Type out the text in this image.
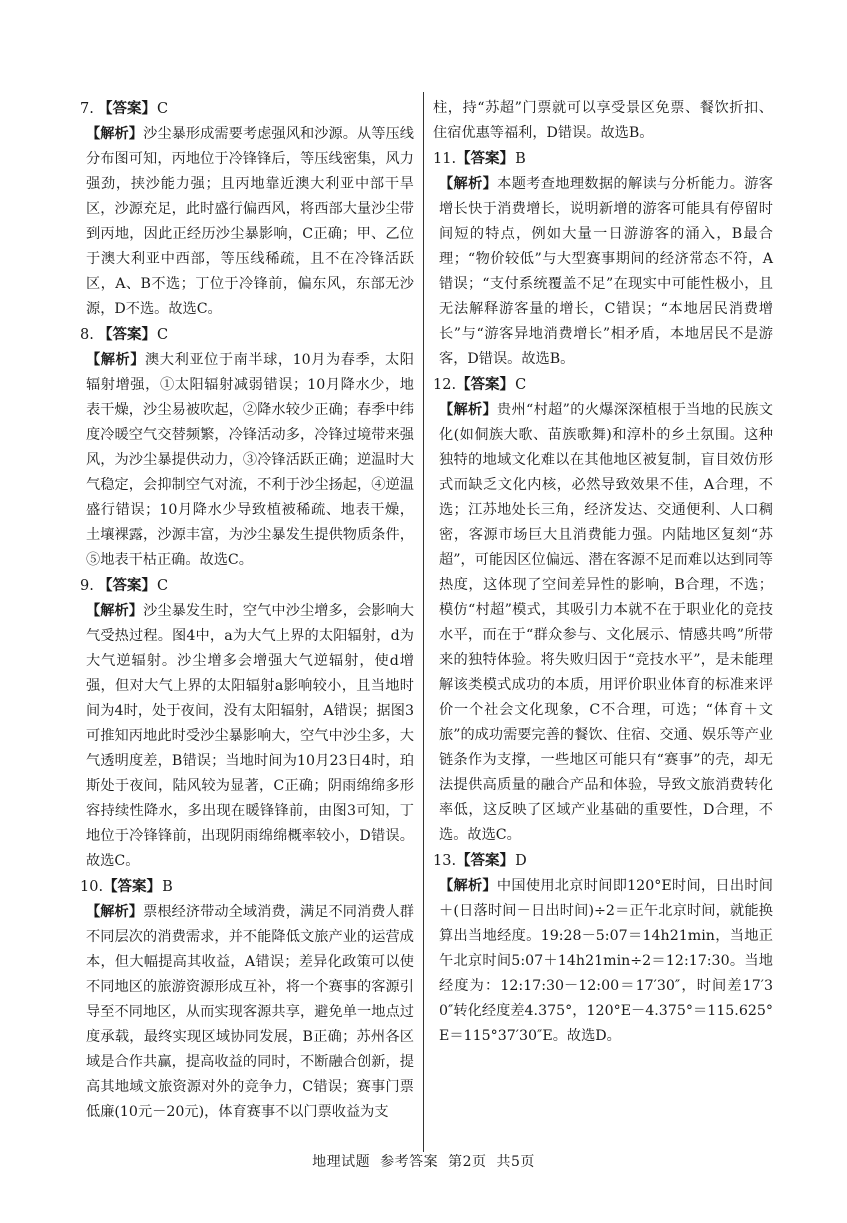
7. 【答案】C

【解析】沙尘暴形成需要考虑强风和沙源。从等压线分布图可知，丙地位于冷锋锋后，等压线密集，风力强劲，挟沙能力强；且丙地靠近澳大利亚中部干旱区，沙源充足，此时盛行偏西风，将西部大量沙尘带到丙地，因此正经历沙尘暴影响，C正确；甲、乙位于澳大利亚中西部，等压线稀疏，且不在冷锋活跃区，A、B不选；丁位于冷锋前，偏东风，东部无沙源，D不选。故选C。

8. 【答案】C

【解析】澳大利亚位于南半球，10月为春季，太阳辐射增强，①太阳辐射减弱错误；10月降水少，地表干燥，沙尘易被吹起，②降水较少正确；春季中纬度冷暖空气交替频繁，冷锋活动多，冷锋过境带来强风，为沙尘暴提供动力，③冷锋活跃正确；逆温时大气稳定，会抑制空气对流，不利于沙尘扬起，④逆温盛行错误；10月降水少导致植被稀疏、地表干燥，土壤裸露，沙源丰富，为沙尘暴发生提供物质条件，⑤地表干枯正确。故选C。

9. 【答案】C

【解析】沙尘暴发生时，空气中沙尘增多，会影响大气受热过程。图4中，a为大气上界的太阳辐射，d为大气逆辐射。沙尘增多会增强大气逆辐射，使d增强，但对大气上界的太阳辐射a影响较小，且当地时间为4时，处于夜间，没有太阳辐射，A错误；据图3可推知丙地此时受沙尘暴影响大，空气中沙尘多，大气透明度差，B错误；当地时间为10月23日4时，珀斯处于夜间，陆风较为显著，C正确；阴雨绵绵多形容持续性降水，多出现在暖锋锋前，由图3可知，丁地位于冷锋锋前，出现阴雨绵绵概率较小，D错误。故选C。

10.【答案】B

【解析】票根经济带动全域消费，满足不同消费人群不同层次的消费需求，并不能降低文旅产业的运营成本，但大幅提高其收益，A错误；差异化政策可以使不同地区的旅游资源形成互补，将一个赛事的客源引导至不同地区，从而实现客源共享，避免单一地点过度承载，最终实现区域协同发展，B正确；苏州各区域是合作共赢，提高收益的同时，不断融合创新，提高其地域文旅资源对外的竞争力，C错误；赛事门票低廉(10元－20元)，体育赛事不以门票收益为支

柱，持“苏超”门票就可以享受景区免票、餐饮折扣、住宿优惠等福利，D错误。故选B。

11.【答案】B

【解析】本题考查地理数据的解读与分析能力。游客增长快于消费增长，说明新增的游客可能具有停留时间短的特点，例如大量一日游游客的涌入，B最合理；“物价较低”与大型赛事期间的经济常态不符，A错误；“支付系统覆盖不足”在现实中可能性极小，且无法解释游客量的增长，C错误；“本地居民消费增长”与“游客异地消费增长”相矛盾，本地居民不是游客，D错误。故选B。

12.【答案】C

【解析】贵州“村超”的火爆深深植根于当地的民族文化(如侗族大歌、苗族歌舞)和淳朴的乡土氛围。这种独特的地域文化难以在其他地区被复制，盲目效仿形式而缺乏文化内核，必然导致效果不佳，A合理，不选；江苏地处长三角，经济发达、交通便利、人口稠密，客源市场巨大且消费能力强。内陆地区复刻“苏超”，可能因区位偏远、潜在客源不足而难以达到同等热度，这体现了空间差异性的影响，B合理，不选；模仿“村超”模式，其吸引力本就不在于职业化的竞技水平，而在于“群众参与、文化展示、情感共鸣”所带来的独特体验。将失败归因于“竞技水平”，是未能理解该类模式成功的本质，用评价职业体育的标准来评价一个社会文化现象，C不合理，可选；“体育＋文旅”的成功需要完善的餐饮、住宿、交通、娱乐等产业链条作为支撑，一些地区可能只有“赛事”的壳，却无法提供高质量的融合产品和体验，导致文旅消费转化率低，这反映了区域产业基础的重要性，D合理，不选。故选C。

13.【答案】D

【解析】中国使用北京时间即120°E时间，日出时间＋(日落时间－日出时间)÷2＝正午北京时间，就能换算出当地经度。19:28－5:07＝14h21min，当地正午北京时间5:07＋14h21min÷2＝12:17:30。当地经度为：12:17:30－12:00＝17′30″，时间差17′30″转化经度差4.375°，120°E－4.375°＝115.625°E＝115°37′30″E。故选D。

地理试题 参考答案 第2页 共5页
